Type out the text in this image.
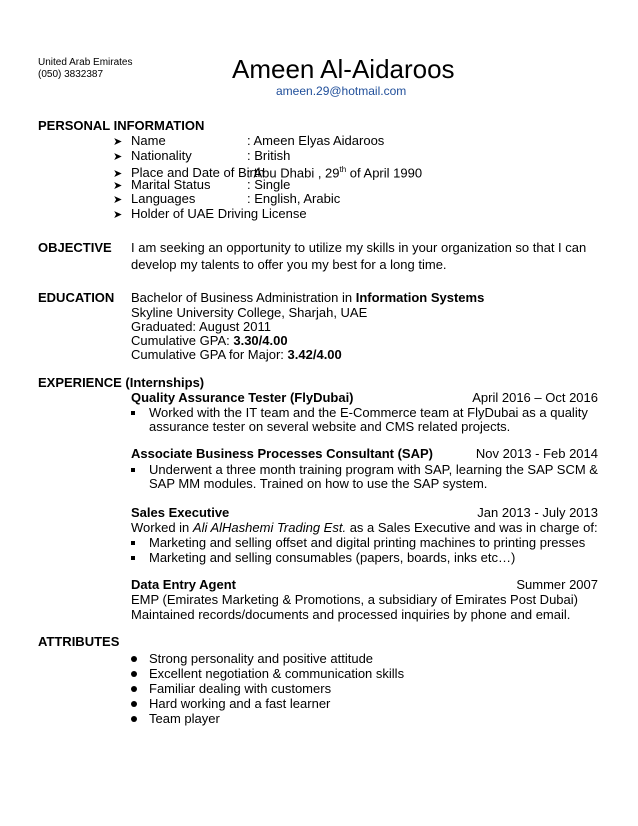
United Arab Emirates
(050) 3832387	Ameen Al-Aidaroos
ameen.29@hotmail.com
PERSONAL INFORMATION
➤ Name	: Ameen Elyas Aidaroos
➤ Nationality	: British
➤ Place and Date of Birth: Abu Dhabi , 29th of April 1990
➤ Marital Status	: Single
➤ Languages	: English, Arabic
➤ Holder of UAE Driving License
OBJECTIVE I am seeking an opportunity to utilize my skills in your organization so that I can
develop my talents to offer you my best for a long time.
EDUCATION Bachelor of Business Administration in Information Systems
Skyline University College, Sharjah, UAE
Graduated: August 2011
Cumulative GPA: 3.30/4.00
Cumulative GPA for Major: 3.42/4.00
EXPERIENCE (Internships)
Quality Assurance Tester (FlyDubai)	April 2016 – Oct 2016
Worked with the IT team and the E-Commerce team at FlyDubai as a quality
assurance tester on several website and CMS related projects.
Associate Business Processes Consultant (SAP)	Nov 2013 - Feb 2014
Underwent a three month training program with SAP, learning the SAP SCM &
SAP MM modules. Trained on how to use the SAP system.
Sales Executive	Jan 2013 - July 2013
Worked in Ali AlHashemi Trading Est. as a Sales Executive and was in charge of:
Marketing and selling offset and digital printing machines to printing presses
Marketing and selling consumables (papers, boards, inks etc…)
Data Entry Agent	Summer 2007
EMP (Emirates Marketing & Promotions, a subsidiary of Emirates Post Dubai)
Maintained records/documents and processed inquiries by phone and email.
ATTRIBUTES
Strong personality and positive attitude
Excellent negotiation & communication skills
Familiar dealing with customers
Hard working and a fast learner
Team player
